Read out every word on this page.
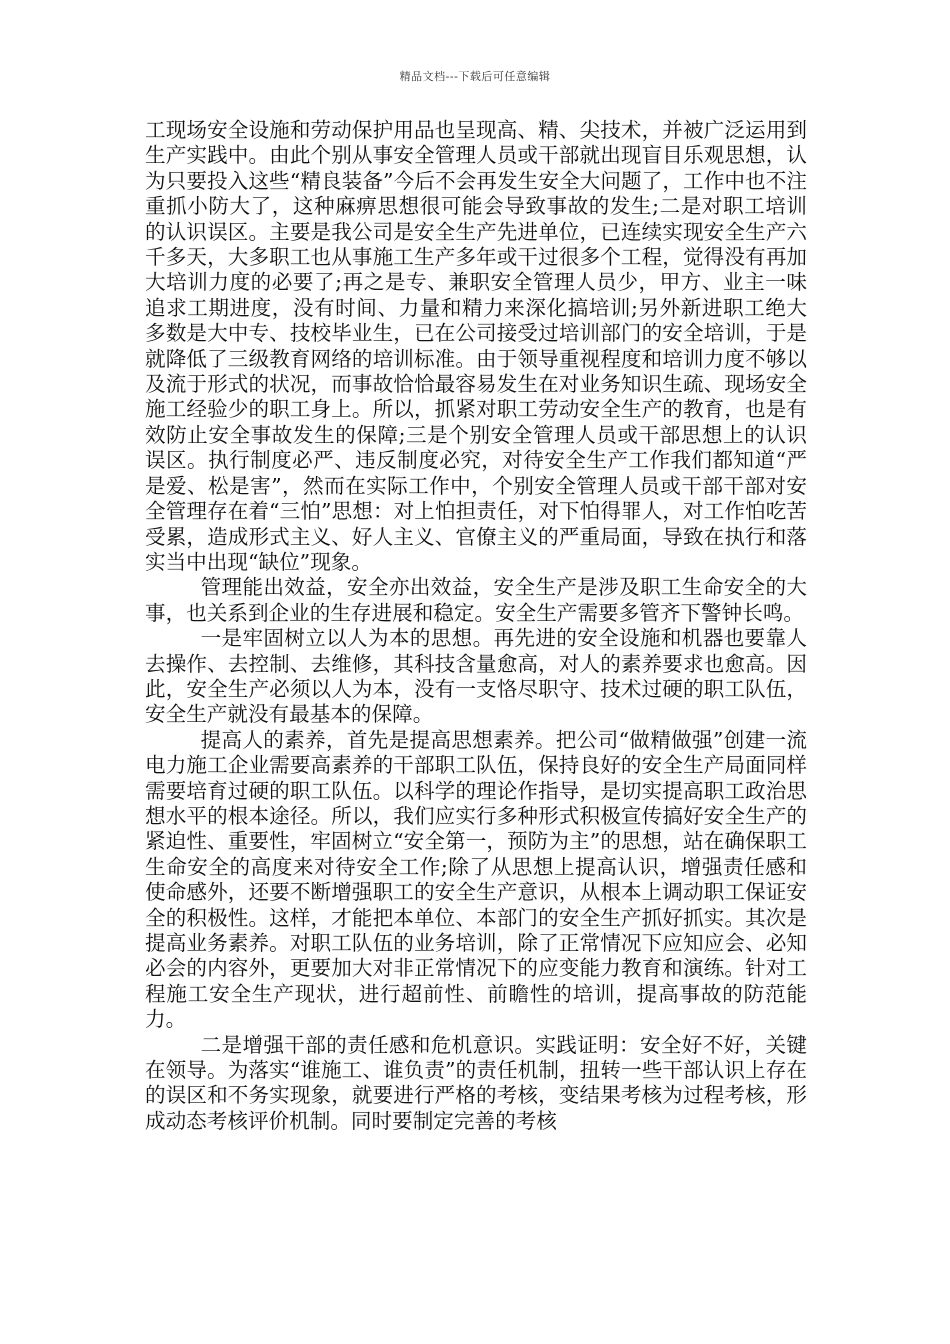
精品文档---下载后可任意编辑

工现场安全设施和劳动保护用品也呈现高、精、尖技术，并被广泛运用到生产实践中。由此个别从事安全管理人员或干部就出现盲目乐观思想，认为只要投入这些“精良装备”今后不会再发生安全大问题了，工作中也不注重抓小防大了，这种麻痹思想很可能会导致事故的发生;二是对职工培训的认识误区。主要是我公司是安全生产先进单位，已连续实现安全生产六千多天，大多职工也从事施工生产多年或干过很多个工程，觉得没有再加大培训力度的必要了;再之是专、兼职安全管理人员少，甲方、业主一味追求工期进度，没有时间、力量和精力来深化搞培训;另外新进职工绝大多数是大中专、技校毕业生，已在公司接受过培训部门的安全培训，于是就降低了三级教育网络的培训标准。由于领导重视程度和培训力度不够以及流于形式的状况，而事故恰恰最容易发生在对业务知识生疏、现场安全施工经验少的职工身上。所以，抓紧对职工劳动安全生产的教育，也是有效防止安全事故发生的保障;三是个别安全管理人员或干部思想上的认识误区。执行制度必严、违反制度必究，对待安全生产工作我们都知道“严是爱、松是害”，然而在实际工作中，个别安全管理人员或干部干部对安全管理存在着“三怕”思想：对上怕担责任，对下怕得罪人，对工作怕吃苦受累，造成形式主义、好人主义、官僚主义的严重局面，导致在执行和落实当中出现“缺位”现象。

管理能出效益，安全亦出效益，安全生产是涉及职工生命安全的大事，也关系到企业的生存进展和稳定。安全生产需要多管齐下警钟长鸣。

一是牢固树立以人为本的思想。再先进的安全设施和机器也要靠人去操作、去控制、去维修，其科技含量愈高，对人的素养要求也愈高。因此，安全生产必须以人为本，没有一支恪尽职守、技术过硬的职工队伍，安全生产就没有最基本的保障。

提高人的素养，首先是提高思想素养。把公司“做精做强”创建一流电力施工企业需要高素养的干部职工队伍，保持良好的安全生产局面同样需要培育过硬的职工队伍。以科学的理论作指导，是切实提高职工政治思想水平的根本途径。所以，我们应实行多种形式积极宣传搞好安全生产的紧迫性、重要性，牢固树立“安全第一，预防为主”的思想，站在确保职工生命安全的高度来对待安全工作;除了从思想上提高认识，增强责任感和使命感外，还要不断增强职工的安全生产意识，从根本上调动职工保证安全的积极性。这样，才能把本单位、本部门的安全生产抓好抓实。其次是提高业务素养。对职工队伍的业务培训，除了正常情况下应知应会、必知必会的内容外，更要加大对非正常情况下的应变能力教育和演练。针对工程施工安全生产现状，进行超前性、前瞻性的培训，提高事故的防范能力。

二是增强干部的责任感和危机意识。实践证明：安全好不好，关键在领导。为落实“谁施工、谁负责”的责任机制，扭转一些干部认识上存在的误区和不务实现象，就要进行严格的考核，变结果考核为过程考核，形成动态考核评价机制。同时要制定完善的考核
